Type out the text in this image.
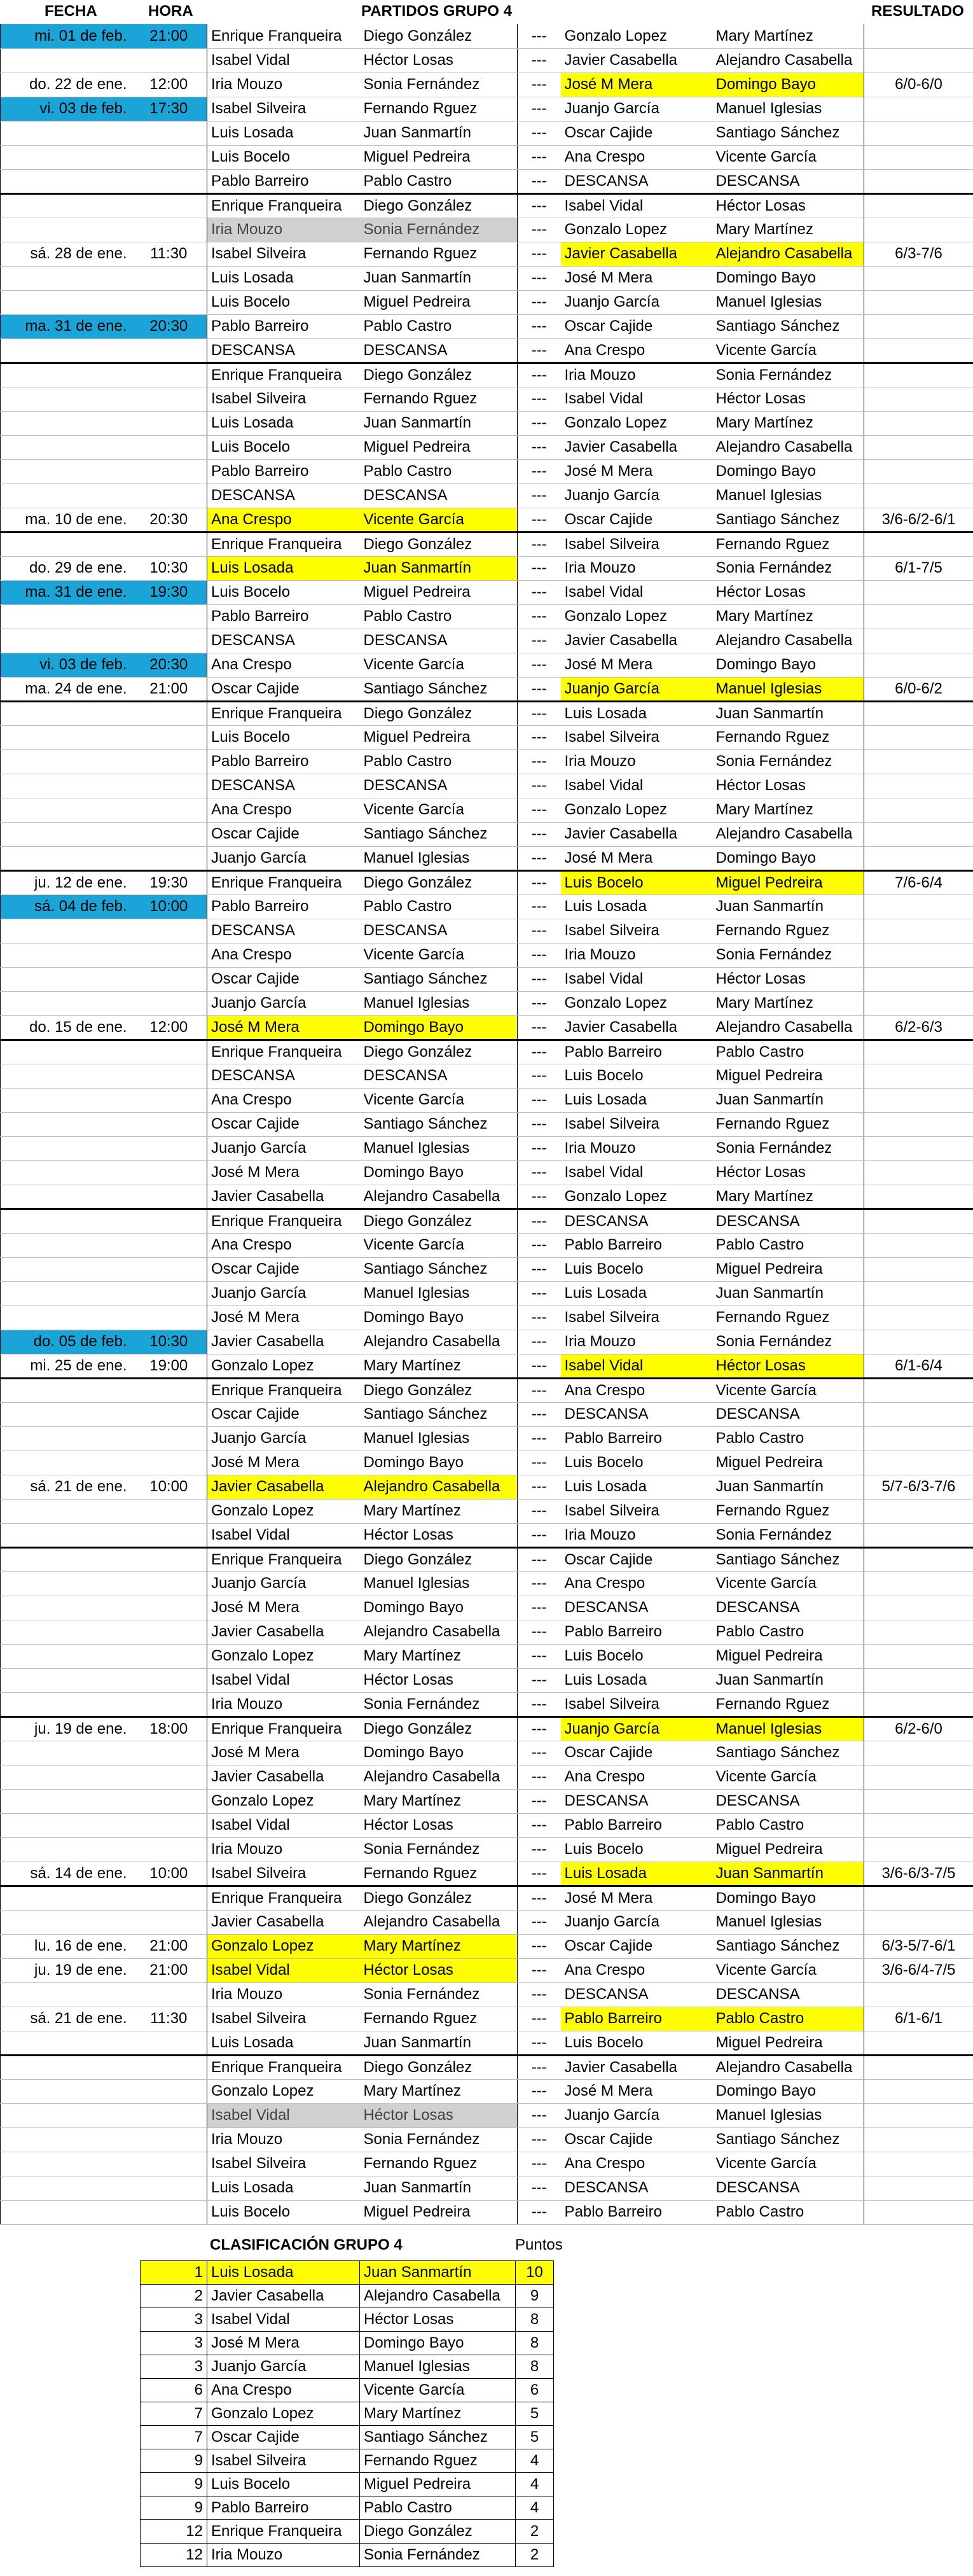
FECHA	HORA	PARTIDOS GRUPO 4	RESULTADO
mi. 01 de feb.	21:00	Enrique Franqueira	Diego González	---	Gonzalo Lopez	Mary Martínez	
		Isabel Vidal	Héctor Losas	---	Javier Casabella	Alejandro Casabella	
do. 22 de ene.	12:00	Iria Mouzo	Sonia Fernández	---	José M Mera	Domingo Bayo	6/0-6/0
vi. 03 de feb.	17:30	Isabel Silveira	Fernando Rguez	---	Juanjo García	Manuel Iglesias	
		Luis Losada	Juan Sanmartín	---	Oscar Cajide	Santiago Sánchez	
		Luis Bocelo	Miguel Pedreira	---	Ana Crespo	Vicente García	
		Pablo Barreiro	Pablo Castro	---	DESCANSA	DESCANSA	
		Enrique Franqueira	Diego González	---	Isabel Vidal	Héctor Losas	
		Iria Mouzo	Sonia Fernández	---	Gonzalo Lopez	Mary Martínez	
sá. 28 de ene.	11:30	Isabel Silveira	Fernando Rguez	---	Javier Casabella	Alejandro Casabella	6/3-7/6
		Luis Losada	Juan Sanmartín	---	José M Mera	Domingo Bayo	
		Luis Bocelo	Miguel Pedreira	---	Juanjo García	Manuel Iglesias	
ma. 31 de ene.	20:30	Pablo Barreiro	Pablo Castro	---	Oscar Cajide	Santiago Sánchez	
		DESCANSA	DESCANSA	---	Ana Crespo	Vicente García	
		Enrique Franqueira	Diego González	---	Iria Mouzo	Sonia Fernández	
		Isabel Silveira	Fernando Rguez	---	Isabel Vidal	Héctor Losas	
		Luis Losada	Juan Sanmartín	---	Gonzalo Lopez	Mary Martínez	
		Luis Bocelo	Miguel Pedreira	---	Javier Casabella	Alejandro Casabella	
		Pablo Barreiro	Pablo Castro	---	José M Mera	Domingo Bayo	
		DESCANSA	DESCANSA	---	Juanjo García	Manuel Iglesias	
ma. 10 de ene.	20:30	Ana Crespo	Vicente García	---	Oscar Cajide	Santiago Sánchez	3/6-6/2-6/1
		Enrique Franqueira	Diego González	---	Isabel Silveira	Fernando Rguez	
do. 29 de ene.	10:30	Luis Losada	Juan Sanmartín	---	Iria Mouzo	Sonia Fernández	6/1-7/5
ma. 31 de ene.	19:30	Luis Bocelo	Miguel Pedreira	---	Isabel Vidal	Héctor Losas	
		Pablo Barreiro	Pablo Castro	---	Gonzalo Lopez	Mary Martínez	
		DESCANSA	DESCANSA	---	Javier Casabella	Alejandro Casabella	
vi. 03 de feb.	20:30	Ana Crespo	Vicente García	---	José M Mera	Domingo Bayo	
ma. 24 de ene.	21:00	Oscar Cajide	Santiago Sánchez	---	Juanjo García	Manuel Iglesias	6/0-6/2
		Enrique Franqueira	Diego González	---	Luis Losada	Juan Sanmartín	
		Luis Bocelo	Miguel Pedreira	---	Isabel Silveira	Fernando Rguez	
		Pablo Barreiro	Pablo Castro	---	Iria Mouzo	Sonia Fernández	
		DESCANSA	DESCANSA	---	Isabel Vidal	Héctor Losas	
		Ana Crespo	Vicente García	---	Gonzalo Lopez	Mary Martínez	
		Oscar Cajide	Santiago Sánchez	---	Javier Casabella	Alejandro Casabella	
		Juanjo García	Manuel Iglesias	---	José M Mera	Domingo Bayo	
ju. 12 de ene.	19:30	Enrique Franqueira	Diego González	---	Luis Bocelo	Miguel Pedreira	7/6-6/4
sá. 04 de feb.	10:00	Pablo Barreiro	Pablo Castro	---	Luis Losada	Juan Sanmartín	
		DESCANSA	DESCANSA	---	Isabel Silveira	Fernando Rguez	
		Ana Crespo	Vicente García	---	Iria Mouzo	Sonia Fernández	
		Oscar Cajide	Santiago Sánchez	---	Isabel Vidal	Héctor Losas	
		Juanjo García	Manuel Iglesias	---	Gonzalo Lopez	Mary Martínez	
do. 15 de ene.	12:00	José M Mera	Domingo Bayo	---	Javier Casabella	Alejandro Casabella	6/2-6/3
		Enrique Franqueira	Diego González	---	Pablo Barreiro	Pablo Castro	
		DESCANSA	DESCANSA	---	Luis Bocelo	Miguel Pedreira	
		Ana Crespo	Vicente García	---	Luis Losada	Juan Sanmartín	
		Oscar Cajide	Santiago Sánchez	---	Isabel Silveira	Fernando Rguez	
		Juanjo García	Manuel Iglesias	---	Iria Mouzo	Sonia Fernández	
		José M Mera	Domingo Bayo	---	Isabel Vidal	Héctor Losas	
		Javier Casabella	Alejandro Casabella	---	Gonzalo Lopez	Mary Martínez	
		Enrique Franqueira	Diego González	---	DESCANSA	DESCANSA	
		Ana Crespo	Vicente García	---	Pablo Barreiro	Pablo Castro	
		Oscar Cajide	Santiago Sánchez	---	Luis Bocelo	Miguel Pedreira	
		Juanjo García	Manuel Iglesias	---	Luis Losada	Juan Sanmartín	
		José M Mera	Domingo Bayo	---	Isabel Silveira	Fernando Rguez	
do. 05 de feb.	10:30	Javier Casabella	Alejandro Casabella	---	Iria Mouzo	Sonia Fernández	
mi. 25 de ene.	19:00	Gonzalo Lopez	Mary Martínez	---	Isabel Vidal	Héctor Losas	6/1-6/4
		Enrique Franqueira	Diego González	---	Ana Crespo	Vicente García	
		Oscar Cajide	Santiago Sánchez	---	DESCANSA	DESCANSA	
		Juanjo García	Manuel Iglesias	---	Pablo Barreiro	Pablo Castro	
		José M Mera	Domingo Bayo	---	Luis Bocelo	Miguel Pedreira	
sá. 21 de ene.	10:00	Javier Casabella	Alejandro Casabella	---	Luis Losada	Juan Sanmartín	5/7-6/3-7/6
		Gonzalo Lopez	Mary Martínez	---	Isabel Silveira	Fernando Rguez	
		Isabel Vidal	Héctor Losas	---	Iria Mouzo	Sonia Fernández	
		Enrique Franqueira	Diego González	---	Oscar Cajide	Santiago Sánchez	
		Juanjo García	Manuel Iglesias	---	Ana Crespo	Vicente García	
		José M Mera	Domingo Bayo	---	DESCANSA	DESCANSA	
		Javier Casabella	Alejandro Casabella	---	Pablo Barreiro	Pablo Castro	
		Gonzalo Lopez	Mary Martínez	---	Luis Bocelo	Miguel Pedreira	
		Isabel Vidal	Héctor Losas	---	Luis Losada	Juan Sanmartín	
		Iria Mouzo	Sonia Fernández	---	Isabel Silveira	Fernando Rguez	
ju. 19 de ene.	18:00	Enrique Franqueira	Diego González	---	Juanjo García	Manuel Iglesias	6/2-6/0
		José M Mera	Domingo Bayo	---	Oscar Cajide	Santiago Sánchez	
		Javier Casabella	Alejandro Casabella	---	Ana Crespo	Vicente García	
		Gonzalo Lopez	Mary Martínez	---	DESCANSA	DESCANSA	
		Isabel Vidal	Héctor Losas	---	Pablo Barreiro	Pablo Castro	
		Iria Mouzo	Sonia Fernández	---	Luis Bocelo	Miguel Pedreira	
sá. 14 de ene.	10:00	Isabel Silveira	Fernando Rguez	---	Luis Losada	Juan Sanmartín	3/6-6/3-7/5
		Enrique Franqueira	Diego González	---	José M Mera	Domingo Bayo	
		Javier Casabella	Alejandro Casabella	---	Juanjo García	Manuel Iglesias	
lu. 16 de ene.	21:00	Gonzalo Lopez	Mary Martínez	---	Oscar Cajide	Santiago Sánchez	6/3-5/7-6/1
ju. 19 de ene.	21:00	Isabel Vidal	Héctor Losas	---	Ana Crespo	Vicente García	3/6-6/4-7/5
		Iria Mouzo	Sonia Fernández	---	DESCANSA	DESCANSA	
sá. 21 de ene.	11:30	Isabel Silveira	Fernando Rguez	---	Pablo Barreiro	Pablo Castro	6/1-6/1
		Luis Losada	Juan Sanmartín	---	Luis Bocelo	Miguel Pedreira	
		Enrique Franqueira	Diego González	---	Javier Casabella	Alejandro Casabella	
		Gonzalo Lopez	Mary Martínez	---	José M Mera	Domingo Bayo	
		Isabel Vidal	Héctor Losas	---	Juanjo García	Manuel Iglesias	
		Iria Mouzo	Sonia Fernández	---	Oscar Cajide	Santiago Sánchez	
		Isabel Silveira	Fernando Rguez	---	Ana Crespo	Vicente García	
		Luis Losada	Juan Sanmartín	---	DESCANSA	DESCANSA	
		Luis Bocelo	Miguel Pedreira	---	Pablo Barreiro	Pablo Castro	
CLASIFICACIÓN GRUPO 4	Puntos
1	Luis Losada	Juan Sanmartín	10
2	Javier Casabella	Alejandro Casabella	9
3	Isabel Vidal	Héctor Losas	8
3	José M Mera	Domingo Bayo	8
3	Juanjo García	Manuel Iglesias	8
6	Ana Crespo	Vicente García	6
7	Gonzalo Lopez	Mary Martínez	5
7	Oscar Cajide	Santiago Sánchez	5
9	Isabel Silveira	Fernando Rguez	4
9	Luis Bocelo	Miguel Pedreira	4
9	Pablo Barreiro	Pablo Castro	4
12	Enrique Franqueira	Diego González	2
12	Iria Mouzo	Sonia Fernández	2
